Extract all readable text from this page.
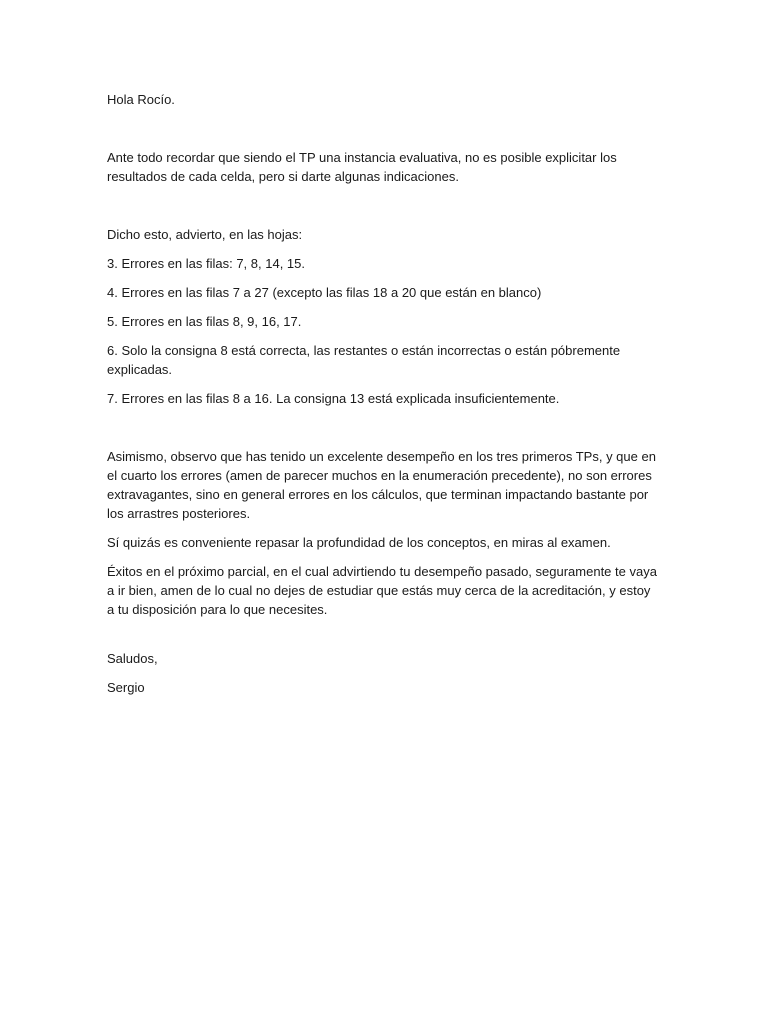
Hola Rocío.

Ante todo recordar que siendo el TP una instancia evaluativa, no es posible explicitar los resultados de cada celda, pero si darte algunas indicaciones.

Dicho esto, advierto, en las hojas:

3. Errores en las filas: 7, 8, 14, 15.

4. Errores en las filas 7 a 27 (excepto las filas 18 a 20 que están en blanco)

5. Errores en las filas 8, 9, 16, 17.

6. Solo la consigna 8 está correcta, las restantes o están incorrectas o están póbremente explicadas.

7. Errores en las filas 8 a 16. La consigna 13 está explicada insuficientemente.

Asimismo, observo que has tenido un excelente desempeño en los tres primeros TPs, y que en el cuarto los errores (amen de parecer muchos en la enumeración precedente), no son errores extravagantes, sino en general errores en los cálculos, que terminan impactando bastante por los arrastres posteriores.

Sí quizás es conveniente repasar la profundidad de los conceptos, en miras al examen.

Éxitos en el próximo parcial, en el cual advirtiendo tu desempeño pasado, seguramente te vaya a ir bien, amen de lo cual no dejes de estudiar que estás muy cerca de la acreditación, y estoy a tu disposición para lo que necesites.

Saludos,

Sergio
